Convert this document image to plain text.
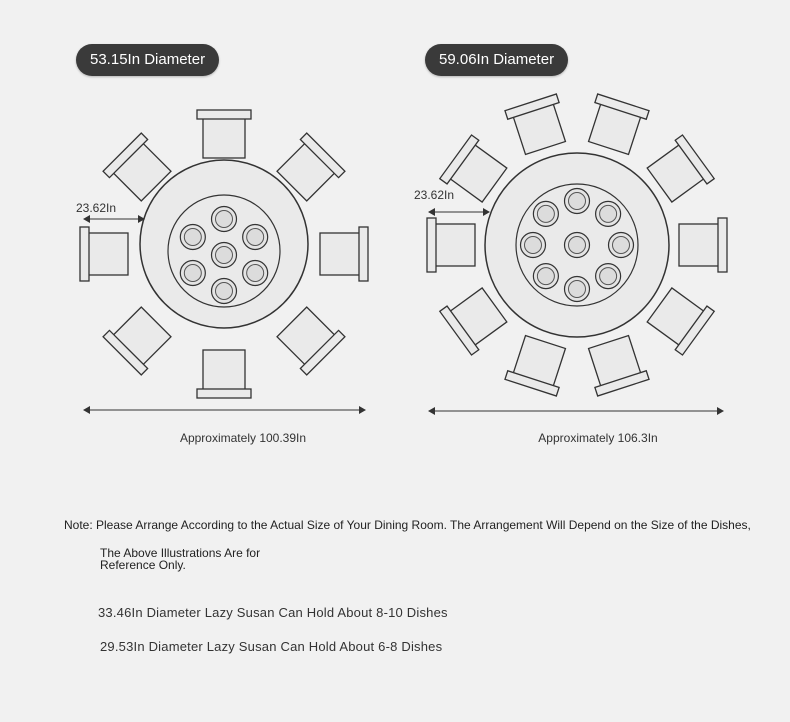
53.15In Diameter	59.06In Diameter
23.62In
Approximately 100.39In
23.62In
Approximately 106.3In
Note: Please Arrange According to the Actual Size of Your Dining Room. The Arrangement Will Depend on the Size of the Dishes,
The Above Illustrations Are for
Reference Only.
33.46In Diameter Lazy Susan Can Hold About 8-10 Dishes
29.53In Diameter Lazy Susan Can Hold About 6-8 Dishes
